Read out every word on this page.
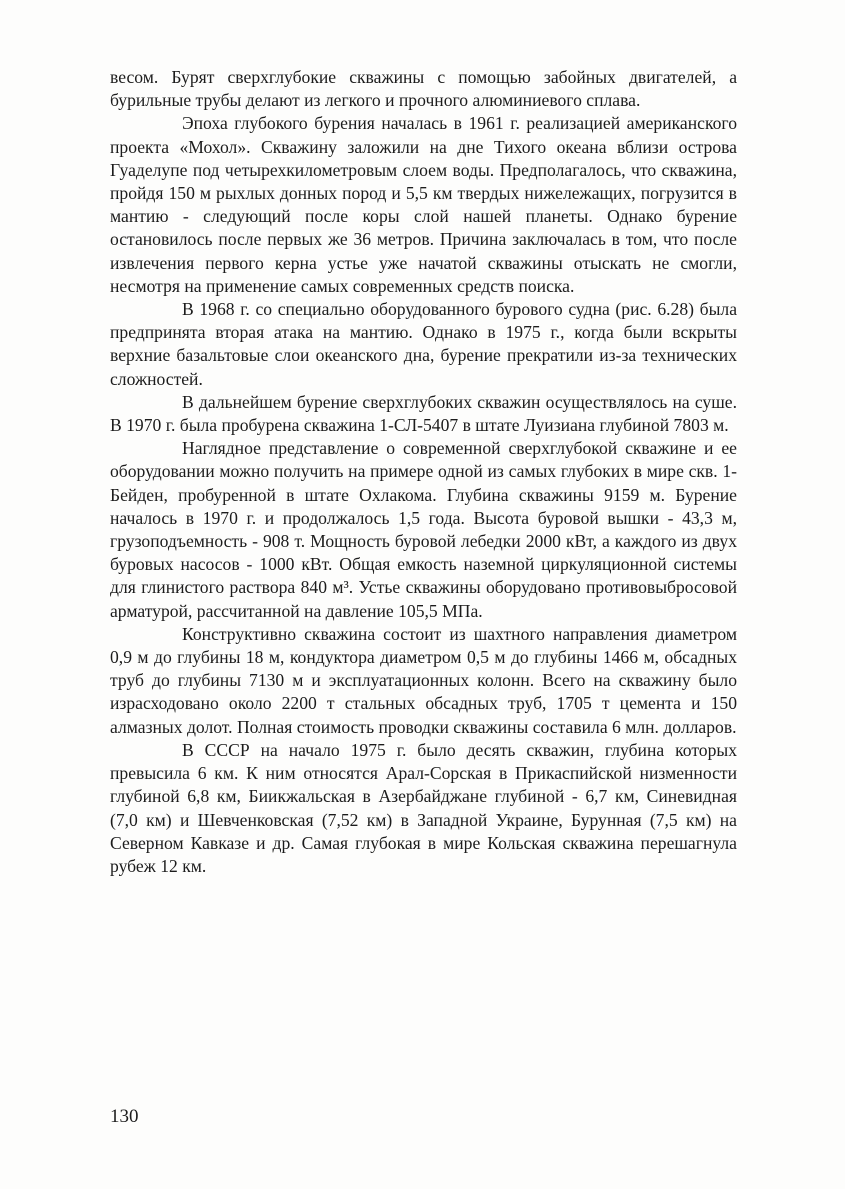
весом. Бурят сверхглубокие скважины с помощью забойных двигателей, а бурильные трубы делают из легкого и прочного алюминиевого сплава.

Эпоха глубокого бурения началась в 1961 г. реализацией американского проекта «Мохол». Скважину заложили на дне Тихого океана вблизи острова Гуаделупе под четырехкилометровым слоем воды. Предполагалось, что скважина, пройдя 150 м рыхлых донных пород и 5,5 км твердых нижележащих, погрузится в мантию - следующий после коры слой нашей планеты. Однако бурение остановилось после первых же 36 метров. Причина заключалась в том, что после извлечения первого керна устье уже начатой скважины отыскать не смогли, несмотря на применение самых современных средств поиска.

В 1968 г. со специально оборудованного бурового судна (рис. 6.28) была предпринята вторая атака на мантию. Однако в 1975 г., когда были вскрыты верхние базальтовые слои океанского дна, бурение прекратили из-за технических сложностей.

В дальнейшем бурение сверхглубоких скважин осуществлялось на суше. В 1970 г. была пробурена скважина 1-СЛ-5407 в штате Луизиана глубиной 7803 м.

Наглядное представление о современной сверхглубокой скважине и ее оборудовании можно получить на примере одной из самых глубоких в мире скв. 1-Бейден, пробуренной в штате Охлакома. Глубина скважины 9159 м. Бурение началось в 1970 г. и продолжалось 1,5 года. Высота буровой вышки - 43,3 м, грузоподъемность - 908 т. Мощность буровой лебедки 2000 кВт, а каждого из двух буровых насосов - 1000 кВт. Общая емкость наземной циркуляционной системы для глинистого раствора 840 м³. Устье скважины оборудовано противовыбросовой арматурой, рассчитанной на давление 105,5 МПа.

Конструктивно скважина состоит из шахтного направления диаметром 0,9 м до глубины 18 м, кондуктора диаметром 0,5 м до глубины 1466 м, обсадных труб до глубины 7130 м и эксплуатационных колонн. Всего на скважину было израсходовано около 2200 т стальных обсадных труб, 1705 т цемента и 150 алмазных долот. Полная стоимость проводки скважины составила 6 млн. долларов.

В СССР на начало 1975 г. было десять скважин, глубина которых превысила 6 км. К ним относятся Арал-Сорская в Прикаспийской низменности глубиной 6,8 км, Биикжальская в Азербайджане глубиной - 6,7 км, Синевидная (7,0 км) и Шевченковская (7,52 км) в Западной Украине, Бурунная (7,5 км) на Северном Кавказе и др. Самая глубокая в мире Кольская скважина перешагнула рубеж 12 км.

130
